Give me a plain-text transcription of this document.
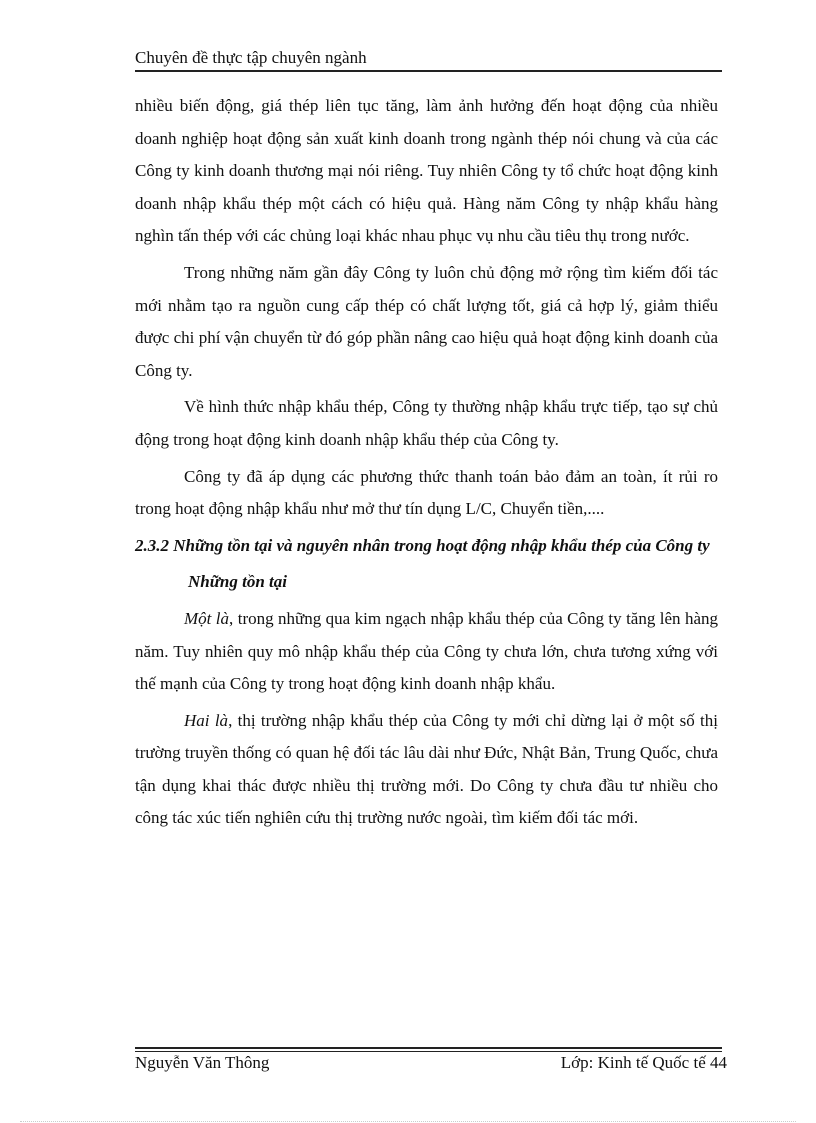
Chuyên đề thực tập chuyên ngành

nhiều biến động, giá thép liên tục tăng, làm ảnh hưởng đến hoạt động của nhiều doanh nghiệp hoạt động sản xuất kinh doanh trong ngành thép nói chung và của các Công ty kinh doanh thương mại nói riêng. Tuy nhiên Công ty tổ chức hoạt động kinh doanh nhập khẩu thép một cách có hiệu quả. Hàng năm Công ty nhập khẩu hàng nghìn tấn thép với các chủng loại khác nhau phục vụ nhu cầu tiêu thụ trong nước.

Trong những năm gần đây Công ty luôn chủ động mở rộng tìm kiếm đối tác mới nhằm tạo ra nguồn cung cấp thép có chất lượng tốt, giá cả hợp lý, giảm thiểu được chi phí vận chuyển từ đó góp phần nâng cao hiệu quả hoạt động kinh doanh của Công ty.

Về hình thức nhập khẩu thép, Công ty thường nhập khẩu trực tiếp, tạo sự chủ động trong hoạt động kinh doanh nhập khẩu thép của Công ty.

Công ty đã áp dụng các phương thức thanh toán bảo đảm an toàn, ít rủi ro trong hoạt động nhập khẩu như mở thư tín dụng L/C, Chuyển tiền,....

2.3.2 Những tồn tại và nguyên nhân trong hoạt động nhập khẩu thép của Công ty

Những tồn tại

Một là, trong những qua kim ngạch nhập khẩu thép của Công ty tăng lên hàng năm. Tuy nhiên quy mô nhập khẩu thép của Công ty chưa lớn, chưa tương xứng với thế mạnh của Công ty trong hoạt động kinh doanh nhập khẩu.

Hai là, thị trường nhập khẩu thép của Công ty mới chỉ dừng lại ở một số thị trường truyền thống có quan hệ đối tác lâu dài như Đức, Nhật Bản, Trung Quốc, chưa tận dụng khai thác được nhiều thị trường mới. Do Công ty chưa đầu tư nhiều cho công tác xúc tiến nghiên cứu thị trường nước ngoài, tìm kiếm đối tác mới.

Nguyễn Văn Thông	Lớp: Kinh tế Quốc tế 44
